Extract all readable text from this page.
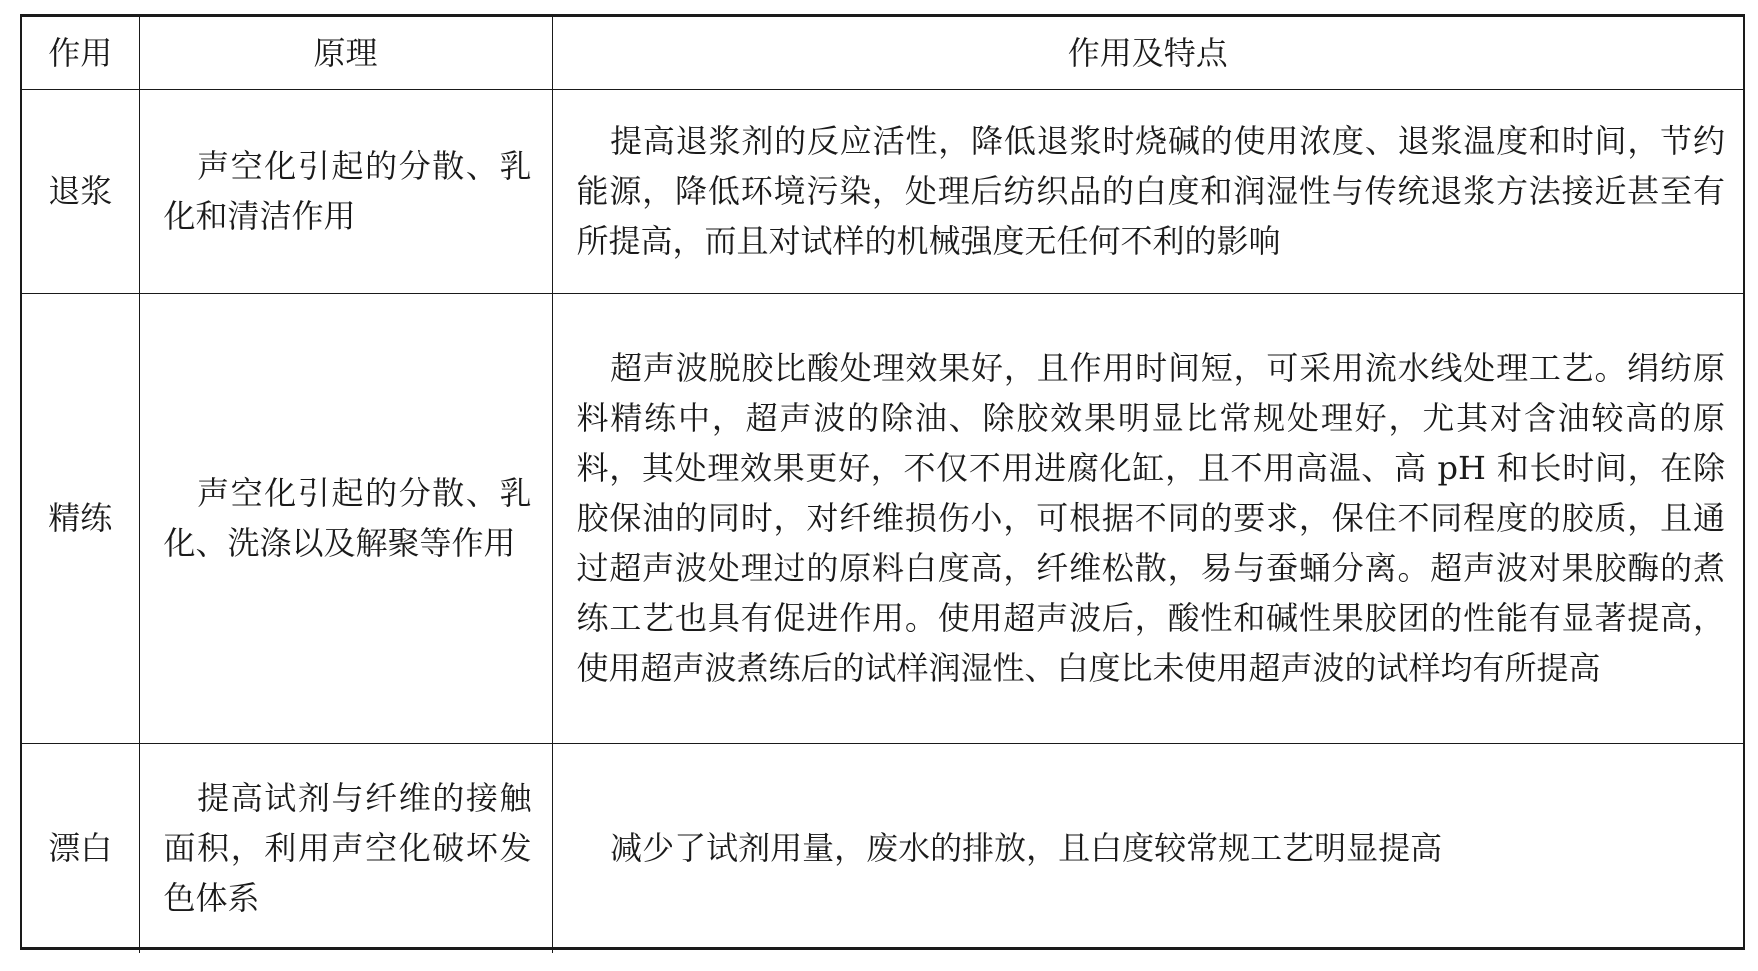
作用	原理	作用及特点
退浆	声空化引起的分散、乳化和清洁作用	提高退浆剂的反应活性，降低退浆时烧碱的使用浓度、退浆温度和时间，节约能源，降低环境污染，处理后纺织品的白度和润湿性与传统退浆方法接近甚至有所提高，而且对试样的机械强度无任何不利的影响
精练	声空化引起的分散、乳化、洗涤以及解聚等作用	超声波脱胶比酸处理效果好，且作用时间短，可采用流水线处理工艺。绢纺原料精练中，超声波的除油、除胶效果明显比常规处理好，尤其对含油较高的原料，其处理效果更好，不仅不用进腐化缸，且不用高温、高 pH 和长时间，在除胶保油的同时，对纤维损伤小，可根据不同的要求，保住不同程度的胶质，且通过超声波处理过的原料白度高，纤维松散，易与蚕蛹分离。超声波对果胶酶的煮练工艺也具有促进作用。使用超声波后，酸性和碱性果胶团的性能有显著提高，使用超声波煮练后的试样润湿性、白度比未使用超声波的试样均有所提高
漂白	提高试剂与纤维的接触面积，利用声空化破坏发色体系	减少了试剂用量，废水的排放，且白度较常规工艺明显提高
